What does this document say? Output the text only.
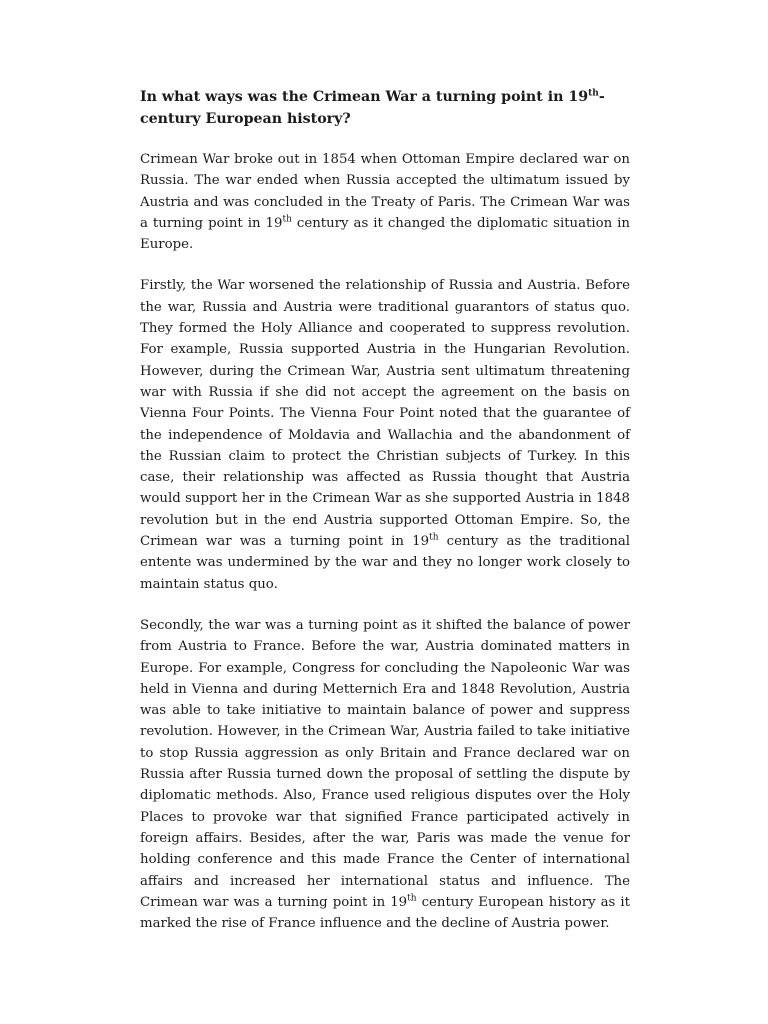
In what ways was the Crimean War a turning point in 19th-century European history?

Crimean War broke out in 1854 when Ottoman Empire declared war on Russia. The war ended when Russia accepted the ultimatum issued by Austria and was concluded in the Treaty of Paris. The Crimean War was a turning point in 19th century as it changed the diplomatic situation in Europe.

Firstly, the War worsened the relationship of Russia and Austria. Before the war, Russia and Austria were traditional guarantors of status quo. They formed the Holy Alliance and cooperated to suppress revolution. For example, Russia supported Austria in the Hungarian Revolution. However, during the Crimean War, Austria sent ultimatum threatening war with Russia if she did not accept the agreement on the basis on Vienna Four Points. The Vienna Four Point noted that the guarantee of the independence of Moldavia and Wallachia and the abandonment of the Russian claim to protect the Christian subjects of Turkey. In this case, their relationship was affected as Russia thought that Austria would support her in the Crimean War as she supported Austria in 1848 revolution but in the end Austria supported Ottoman Empire. So, the Crimean war was a turning point in 19th century as the traditional entente was undermined by the war and they no longer work closely to maintain status quo.

Secondly, the war was a turning point as it shifted the balance of power from Austria to France. Before the war, Austria dominated matters in Europe. For example, Congress for concluding the Napoleonic War was held in Vienna and during Metternich Era and 1848 Revolution, Austria was able to take initiative to maintain balance of power and suppress revolution. However, in the Crimean War, Austria failed to take initiative to stop Russia aggression as only Britain and France declared war on Russia after Russia turned down the proposal of settling the dispute by diplomatic methods. Also, France used religious disputes over the Holy Places to provoke war that signified France participated actively in foreign affairs. Besides, after the war, Paris was made the venue for holding conference and this made France the Center of international affairs and increased her international status and influence. The Crimean war was a turning point in 19th century European history as it marked the rise of France influence and the decline of Austria power.
